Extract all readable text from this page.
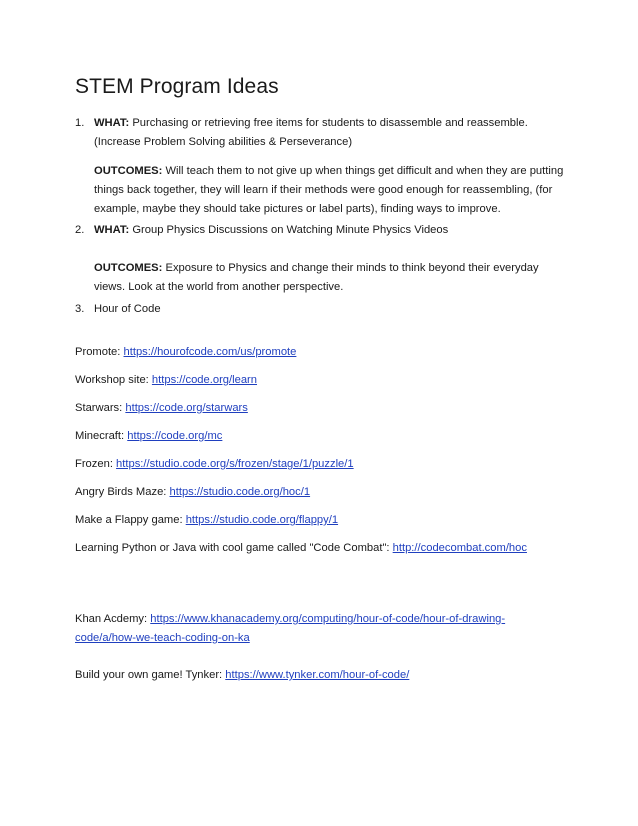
STEM Program Ideas
1. WHAT: Purchasing or retrieving free items for students to disassemble and reassemble. (Increase Problem Solving abilities & Perseverance)
OUTCOMES: Will teach them to not give up when things get difficult and when they are putting things back together, they will learn if their methods were good enough for reassembling, (for example, maybe they should take pictures or label parts), finding ways to improve.
2. WHAT: Group Physics Discussions on Watching Minute Physics Videos
OUTCOMES: Exposure to Physics and change their minds to think beyond their everyday views. Look at the world from another perspective.
3. Hour of Code
Promote: https://hourofcode.com/us/promote
Workshop site: https://code.org/learn
Starwars: https://code.org/starwars
Minecraft: https://code.org/mc
Frozen: https://studio.code.org/s/frozen/stage/1/puzzle/1
Angry Birds Maze: https://studio.code.org/hoc/1
Make a Flappy game: https://studio.code.org/flappy/1
Learning Python or Java with cool game called "Code Combat": http://codecombat.com/hoc
Khan Acdemy: https://www.khanacademy.org/computing/hour-of-code/hour-of-drawing-code/a/how-we-teach-coding-on-ka
Build your own game! Tynker: https://www.tynker.com/hour-of-code/
